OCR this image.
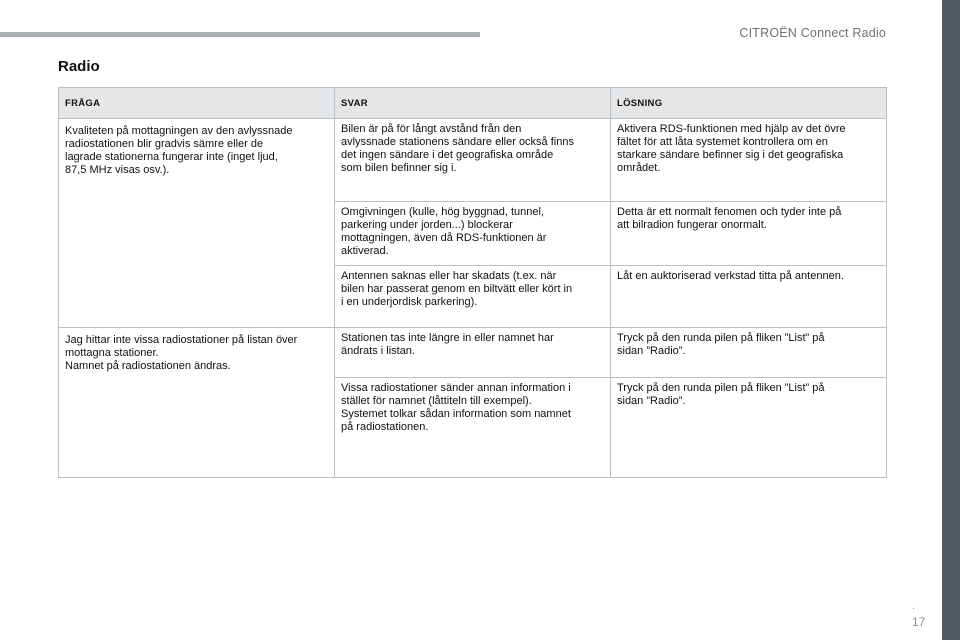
CITROËN Connect Radio
Radio
FRÅGA	SVAR	LÖSNING

Kvaliteten på mottagningen av den avlyssnade
radiostationen blir gradvis sämre eller de
lagrade stationerna fungerar inte (inget ljud,
87,5 MHz visas osv.).	Bilen är på för långt avstånd från den
avlyssnade stationens sändare eller också finns
det ingen sändare i det geografiska område
som bilen befinner sig i.	Aktivera RDS-funktionen med hjälp av det övre
fältet för att låta systemet kontrollera om en
starkare sändare befinner sig i det geografiska
området.

	Omgivningen (kulle, hög byggnad, tunnel,
parkering under jorden...) blockerar
mottagningen, även då RDS-funktionen är
aktiverad.	Detta är ett normalt fenomen och tyder inte på
att bilradion fungerar onormalt.

	Antennen saknas eller har skadats (t.ex. när
bilen har passerat genom en biltvätt eller kört in
i en underjordisk parkering).	Låt en auktoriserad verkstad titta på antennen.

Jag hittar inte vissa radiostationer på listan över
mottagna stationer.
Namnet på radiostationen ändras.	Stationen tas inte längre in eller namnet har
ändrats i listan.	Tryck på den runda pilen på fliken ”List” på
sidan ”Radio”.

	Vissa radiostationer sänder annan information i
stället för namnet (låttiteln till exempel).
Systemet tolkar sådan information som namnet
på radiostationen.	Tryck på den runda pilen på fliken ”List” på
sidan ”Radio”.
.
17
